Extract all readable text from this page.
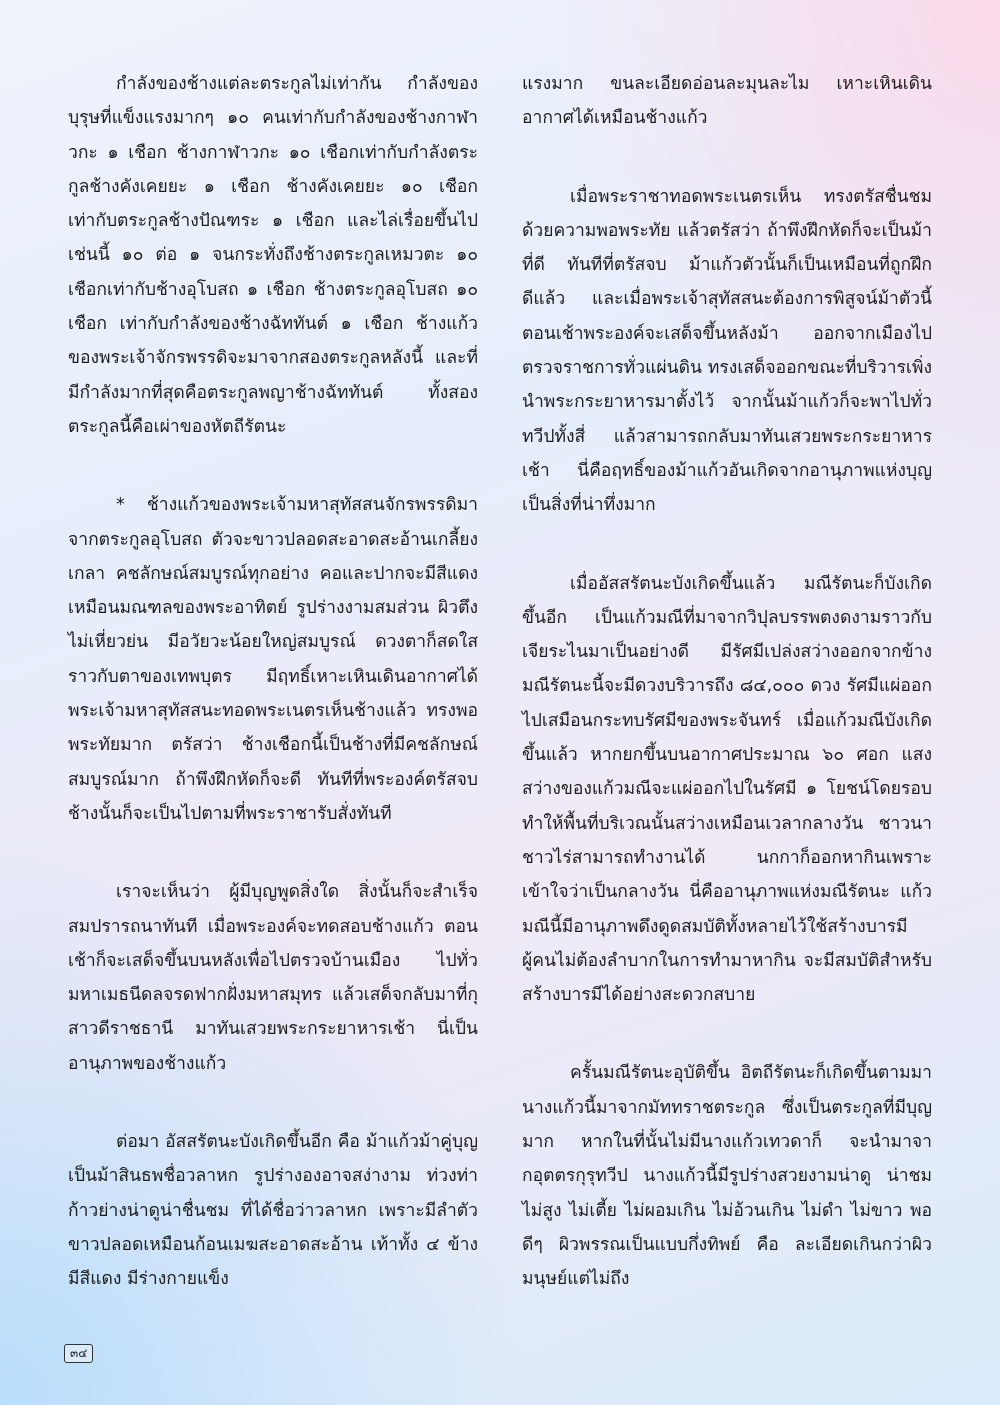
กำลังของช้างแต่ละตระกูลไม่เท่ากัน กำลังของบุรุษที่แข็งแรงมากๆ ๑๐ คนเท่ากับกำลังของช้างกาฬาวกะ ๑ เชือก ช้างกาฬาวกะ ๑๐ เชือกเท่ากับกำลังตระกูลช้างคังเคยยะ ๑ เชือก ช้างคังเคยยะ ๑๐ เชือก เท่ากับตระกูลช้างปัณฑระ ๑ เชือก และไล่เรื่อยขึ้นไปเช่นนี้ ๑๐ ต่อ ๑ จนกระทั่งถึงช้างตระกูลเหมวตะ ๑๐ เชือกเท่ากับช้างอุโบสถ ๑ เชือก ช้างตระกูลอุโบสถ ๑๐ เชือก เท่ากับกำลังของช้างฉัททันต์ ๑ เชือก ช้างแก้วของพระเจ้าจักรพรรดิจะมาจากสองตระกูลหลังนี้ และที่มีกำลังมากที่สุดคือตระกูลพญาช้างฉัททันต์ ทั้งสองตระกูลนี้คือเผ่าของหัตถีรัตนะ

* ช้างแก้วของพระเจ้ามหาสุทัสสนจักรพรรดิมาจากตระกูลอุโบสถ ตัวจะขาวปลอดสะอาดสะอ้านเกลี้ยงเกลา คชลักษณ์สมบูรณ์ทุกอย่าง คอและปากจะมีสีแดงเหมือนมณฑลของพระอาทิตย์ รูปร่างงามสมส่วน ผิวตึงไม่เหี่ยวย่น มีอวัยวะน้อยใหญ่สมบูรณ์ ดวงตาก็สดใสราวกับตาของเทพบุตร มีฤทธิ์เหาะเหินเดินอากาศได้ พระเจ้ามหาสุทัสสนะทอดพระเนตรเห็นช้างแล้ว ทรงพอพระทัยมาก ตรัสว่า ช้างเชือกนี้เป็นช้างที่มีคชลักษณ์สมบูรณ์มาก ถ้าพึงฝึกหัดก็จะดี ทันทีที่พระองค์ตรัสจบ ช้างนั้นก็จะเป็นไปตามที่พระราชารับสั่งทันที

เราจะเห็นว่า ผู้มีบุญพูดสิ่งใด สิ่งนั้นก็จะสำเร็จสมปรารถนาทันที เมื่อพระองค์จะทดสอบช้างแก้ว ตอนเช้าก็จะเสด็จขึ้นบนหลังเพื่อไปตรวจบ้านเมือง ไปทั่วมหาเมธนีดลจรดฟากฝั่งมหาสมุทร แล้วเสด็จกลับมาที่กุสาวดีราชธานี มาทันเสวยพระกระยาหารเช้า นี่เป็นอานุภาพของช้างแก้ว

ต่อมา อัสสรัตนะบังเกิดขึ้นอีก คือ ม้าแก้วม้าคู่บุญเป็นม้าสินธพชื่อวลาหก รูปร่างองอาจสง่างาม ท่วงท่าก้าวย่างน่าดูน่าชื่นชม ที่ได้ชื่อว่าวลาหก เพราะมีลำตัวขาวปลอดเหมือนก้อนเมฆสะอาดสะอ้าน เท้าทั้ง ๔ ข้าง มีสีแดง มีร่างกายแข็ง

แรงมาก ขนละเอียดอ่อนละมุนละไม เหาะเหินเดินอากาศได้เหมือนช้างแก้ว

เมื่อพระราชาทอดพระเนตรเห็น ทรงตรัสชื่นชมด้วยความพอพระทัย แล้วตรัสว่า ถ้าพึงฝึกหัดก็จะเป็นม้าที่ดี ทันทีที่ตรัสจบ ม้าแก้วตัวนั้นก็เป็นเหมือนที่ถูกฝึกดีแล้ว และเมื่อพระเจ้าสุทัสสนะต้องการพิสูจน์ม้าตัวนี้ ตอนเช้าพระองค์จะเสด็จขึ้นหลังม้า ออกจากเมืองไปตรวจราชการทั่วแผ่นดิน ทรงเสด็จออกขณะที่บริวารเพิ่ง นำพระกระยาหารมาตั้งไว้ จากนั้นม้าแก้วก็จะพาไปทั่วทวีปทั้งสี่ แล้วสามารถกลับมาทันเสวยพระกระยาหารเช้า นี่คือฤทธิ์ของม้าแก้วอันเกิดจากอานุภาพแห่งบุญ เป็นสิ่งที่น่าทึ่งมาก

เมื่ออัสสรัตนะบังเกิดขึ้นแล้ว มณีรัตนะก็บังเกิดขึ้นอีก เป็นแก้วมณีที่มาจากวิปุลบรรพตงดงามราวกับเจียระไนมาเป็นอย่างดี มีรัศมีเปล่งสว่างออกจากข้าง มณีรัตนะนี้จะมีดวงบริวารถึง ๘๔,๐๐๐ ดวง รัศมีแผ่ออกไปเสมือนกระทบรัศมีของพระจันทร์ เมื่อแก้วมณีบังเกิดขึ้นแล้ว หากยกขึ้นบนอากาศประมาณ ๖๐ ศอก แสงสว่างของแก้วมณีจะแผ่ออกไปในรัศมี ๑ โยชน์โดยรอบ ทำให้พื้นที่บริเวณนั้นสว่างเหมือนเวลากลางวัน ชาวนาชาวไร่สามารถทำงานได้ นกกาก็ออกหากินเพราะเข้าใจว่าเป็นกลางวัน นี่คืออานุภาพแห่งมณีรัตนะ แก้วมณีนี้มีอานุภาพดึงดูดสมบัติทั้งหลายไว้ใช้สร้างบารมี ผู้คนไม่ต้องลำบากในการทำมาหากิน จะมีสมบัติสำหรับสร้างบารมีได้อย่างสะดวกสบาย

ครั้นมณีรัตนะอุบัติขึ้น อิตถีรัตนะก็เกิดขึ้นตามมา นางแก้วนี้มาจากมัททราชตระกูล ซึ่งเป็นตระกูลที่มีบุญมาก หากในที่นั้นไม่มีนางแก้วเทวดาก็ จะนำมาจากอุตตรกุรุทวีป นางแก้วนี้มีรูปร่างสวยงามน่าดู น่าชม ไม่สูง ไม่เตี้ย ไม่ผอมเกิน ไม่อ้วนเกิน ไม่ดำ ไม่ขาว พอดีๆ ผิวพรรณเป็นแบบกึ่งทิพย์ คือ ละเอียดเกินกว่าผิวมนุษย์แต่ไม่ถึง

๓๔
